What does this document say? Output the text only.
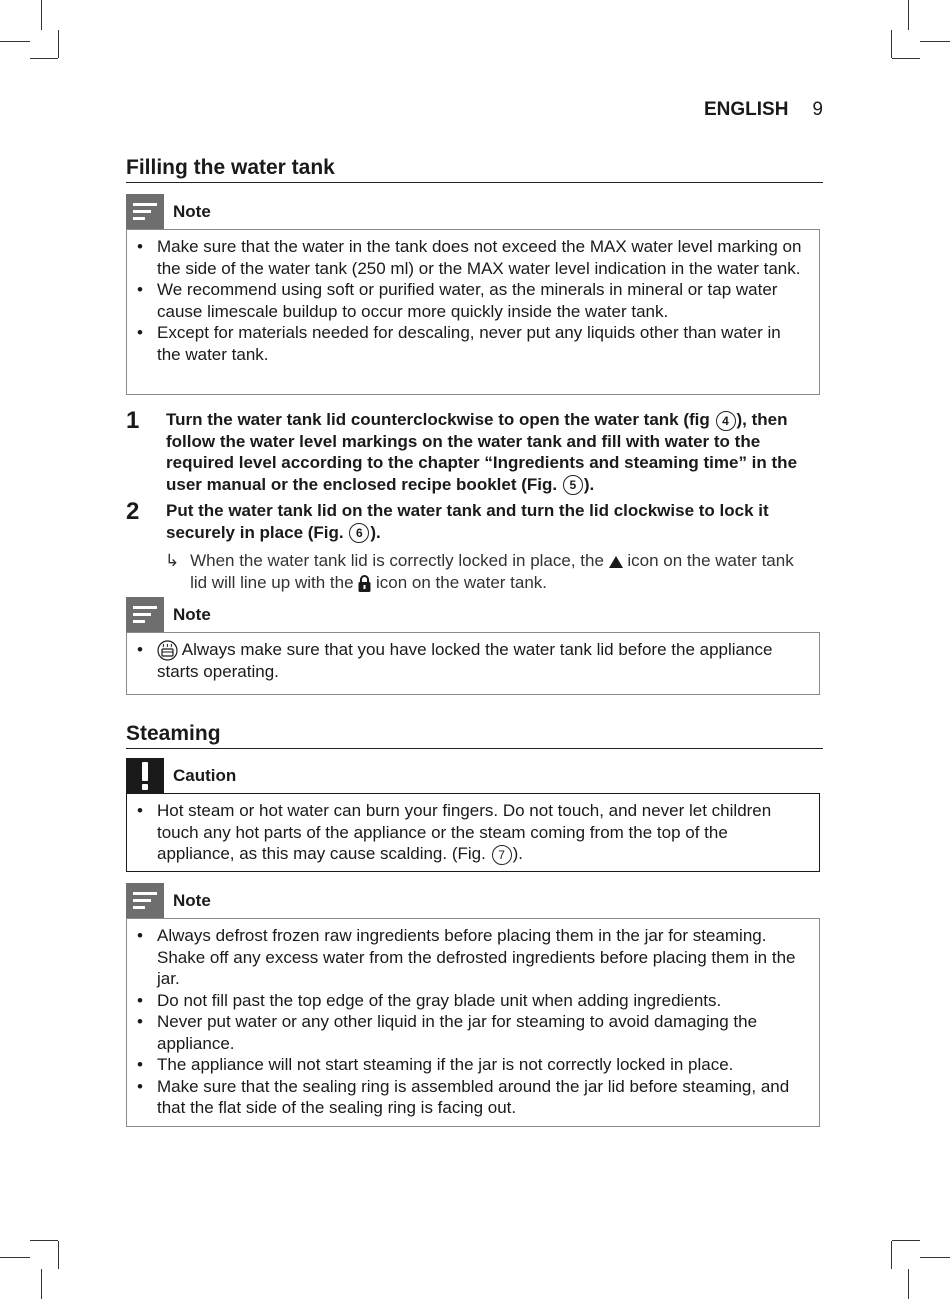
ENGLISH 9
Filling the water tank
Note
• Make sure that the water in the tank does not exceed the MAX water level marking on the side of the water tank (250 ml) or the MAX water level indication in the water tank.
• We recommend using soft or purified water, as the minerals in mineral or tap water cause limescale buildup to occur more quickly inside the water tank.
• Except for materials needed for descaling, never put any liquids other than water in the water tank.
1	Turn the water tank lid counterclockwise to open the water tank (fig 4 ), then follow the water level markings on the water tank and fill with water to the required level according to the chapter “Ingredients and steaming time” in the user manual or the enclosed recipe booklet (Fig. 5 ).
2	Put the water tank lid on the water tank and turn the lid clockwise to lock it securely in place (Fig. 6 ).
↳ When the water tank lid is correctly locked in place, the  icon on the water tank lid will line up with the  icon on the water tank.
Note
• Always make sure that you have locked the water tank lid before the appliance starts operating.
Steaming
Caution
• Hot steam or hot water can burn your fingers. Do not touch, and never let children touch any hot parts of the appliance or the steam coming from the top of the appliance, as this may cause scalding. (Fig. 7 ).
Note
• Always defrost frozen raw ingredients before placing them in the jar for steaming. Shake off any excess water from the defrosted ingredients before placing them in the jar.
• Do not fill past the top edge of the gray blade unit when adding ingredients.
• Never put water or any other liquid in the jar for steaming to avoid damaging the appliance.
• The appliance will not start steaming if the jar is not correctly locked in place.
• Make sure that the sealing ring is assembled around the jar lid before steaming, and that the flat side of the sealing ring is facing out.
